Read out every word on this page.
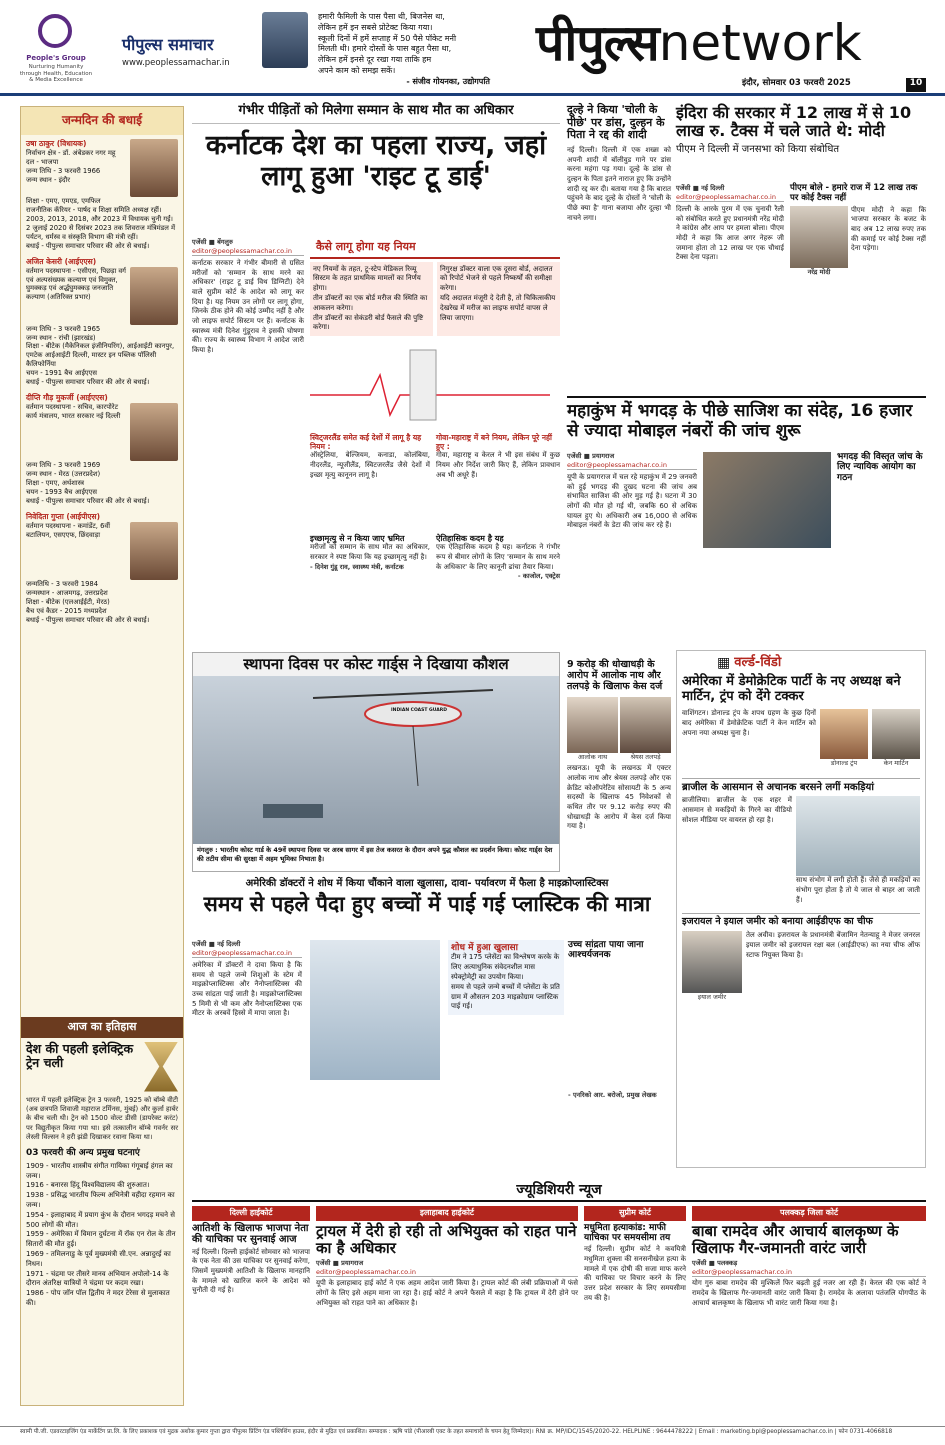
People's Group
Nurturing Humanity through Health, Education & Media Excellence
पीपुल्स समाचार
www.peoplessamachar.in
हमारी फैमिली के पास पैसा थी, बिजनेस था,
लेकिन हमें इन सबसे प्रोटेक्ट किया गया।
स्कूली दिनों में हमें सप्ताह में 50 पैसे पॉकेट मनी
मिलती थी। हमारे दोस्तों के पास बहुत पैसा था,
लेकिन हमें इनसे दूर रखा गया ताकि हम
अपने काम को समझ सकें।
- संजीव गोयनका, उद्योगपति
पीपुल्सnetwork
इंदौर, सोमवार 03 फरवरी 2025	10
जन्मदिन की बधाई
उषा ठाकुर (विधायक)
निर्वाचन क्षेत्र - डॉ. अंबेडकर नगर महू
दल - भाजपा
जन्म तिथि - 3 फरवरी 1966
जन्म स्थान - इंदौर
शिक्षा - एमए, एमएड, एमफिल
राजनीतिक कॅरियर - पार्षद व शिक्षा समिति अध्यक्ष रहीं। 2003, 2013, 2018, और 2023 में विधायक चुनी गईं। 2 जुलाई 2020 से दिसंबर 2023 तक शिवराज मंत्रिमंडल में पर्यटन, धर्मस्व व संस्कृति विभाग की मंत्री रहीं।
बधाई - पीपुल्स समाचार परिवार की ओर से बधाई।
अजित केसरी (आईएएस)
वर्तमान पदस्थापना - एसीएस, पिछड़ा वर्ग एवं अल्पसंख्यक कल्याण एवं विमुक्त, घुमक्कड़ एवं अर्द्धघुमक्कड़ जनजाति कल्याण (अतिरिक्त प्रभार)
जन्म तिथि - 3 फरवरी 1965
जन्म स्थान - रांची (झारखंड)
शिक्षा - बीटेक (मैकेनिकल इंजीनियरिंग), आईआईटी कानपुर, एमटेक आईआईटी दिल्ली, मास्टर इन पब्लिक पॉलिसी कैलिफोर्निया
चयन - 1991 बैच आईएएस
बधाई - पीपुल्स समाचार परिवार की ओर से बधाई।
दीप्ति गौड़ मुकर्जी (आईएएस)
वर्तमान पदस्थापना - सचिव, कारपोरेट कार्य मंत्रालय, भारत सरकार नई दिल्ली
जन्म तिथि - 3 फरवरी 1969
जन्म स्थान - मेरठ (उत्तरप्रदेश)
शिक्षा - एमए, अर्थशास्त्र
चयन - 1993 बैच आईएएस
बधाई - पीपुल्स समाचार परिवार की ओर से बधाई।
निवेदिता गुप्ता (आईपीएस)
वर्तमान पदस्थापना - कमांडेंट, 6वीं बटालियन, एसएएफ, छिंदवाड़ा
जन्मतिथि - 3 फरवरी 1984
जन्मस्थान - आजमगढ़, उत्तरप्रदेश
शिक्षा - बीटेक (एलआईईटी, मेरठ)
बैच एवं कैडर - 2015 मध्यप्रदेश
बधाई - पीपुल्स समाचार परिवार की ओर से बधाई।
आज का इतिहास
देश की पहली इलेक्ट्रिक ट्रेन चली
भारत में पहली इलेक्ट्रिक ट्रेन 3 फरवरी, 1925 को बॉम्बे वीटी (अब छत्रपति शिवाजी महाराज टर्मिनस, मुंबई) और कुर्ला हार्बर के बीच चली थी। ट्रेन को 1500 वोल्ट डीसी (डायरेक्ट करंट) पर विद्युतीकृत किया गया था। इसे तत्कालीन बॉम्बे गवर्नर सर लेस्ली विल्सन ने हरी झंडी दिखाकर रवाना किया था।
03 फरवरी की अन्य प्रमुख घटनाएं
1909 - भारतीय शास्त्रीय संगीत गायिका गंगूबाई हंगल का जन्म।
1916 - बनारस हिंदू विश्वविद्यालय की शुरुआत।
1938 - प्रसिद्ध भारतीय फिल्म अभिनेत्री वहीदा रहमान का जन्म।
1954 - इलाहाबाद में प्रयाग कुंभ के दौरान भगदड़ मचने से 500 लोगों की मौत।
1959 - अमेरिका में विमान दुर्घटना में रॉक एन रोल के तीन सितारों की मौत हुई।
1969 - तमिलनाडु के पूर्व मुख्यमंत्री सी.एन. अन्नादुरई का निधन।
1971 - चंद्रमा पर तीसरे मानव अभियान अपोलो-14 के दौरान अंतरिक्ष यात्रियों ने चंद्रमा पर कदम रखा।
1986 - पोप जॉन पॉल द्वितीय ने मदर टेरेसा से मुलाकात की।
गंभीर पीड़ितों को मिलेगा सम्मान के साथ मौत का अधिकार
कर्नाटक देश का पहला राज्य, जहां लागू हुआ 'राइट टू डाई'
एजेंसी ■ बेंगलुरु
editor@peoplessamachar.co.in
कर्नाटक सरकार ने गंभीर बीमारी से ग्रसित मरीजों को 'सम्मान के साथ मरने का अधिकार' (राइट टू डाई विथ डिग्निटी) देने वाले सुप्रीम कोर्ट के आदेश को लागू कर दिया है। यह नियम उन लोगों पर लागू होगा, जिनके ठीक होने की कोई उम्मीद नहीं है और जो लाइफ सपोर्ट सिस्टम पर हैं। कर्नाटक के स्वास्थ्य मंत्री दिनेश गुंडूराव ने इसकी घोषणा की। राज्य के स्वास्थ्य विभाग ने आदेश जारी किया है।
कैसे लागू होगा यह नियम
नए नियमों के तहत, टू-स्टेप मेडिकल रिव्यू सिस्टम के तहत प्राथमिक मामलों का निर्णय होगा।
तीन डॉक्टरों का एक बोर्ड मरीज की स्थिति का आकलन करेगा।
तीन डॉक्टरों का सेकंडरी बोर्ड फैसले की पुष्टि करेगा।
निगुरक्ष डॉक्टर वाला एक दूसरा बोर्ड, अदालत को रिपोर्ट भेजने से पहले निष्कर्षों की समीक्षा करेगा।
यदि अदालत मंजूरी दे देती है, तो चिकित्सकीय देखरेख में मरीज का लाइफ सपोर्ट वापस ले लिया जाएगा।
स्विट्जरलैंड समेत कई देशों में लागू है यह नियम :
ऑस्ट्रेलिया, बेल्जियम, कनाडा, कोलंबिया, नीदरलैंड, न्यूजीलैंड, स्विटजरलैंड जैसे देशों में इच्छा मृत्यु कानूनन लागू है।
गोवा-महाराष्ट्र में बने नियम, लेकिन पूरे नहीं हुए :
गोवा, महाराष्ट्र व केरल ने भी इस संबंध में कुछ नियम और निर्देश जारी किए हैं, लेकिन प्रावधान अब भी अधूरे हैं।
इच्छामृत्यु से न किया जाए भ्रमित
मरीजों को सम्मान के साथ मौत का अधिकार, सरकार ने स्पष्ट किया कि यह इच्छामृत्यु नहीं है।
- दिनेश गुंडू राव, स्वास्थ्य मंत्री, कर्नाटक
ऐतिहासिक कदम है यह
एक ऐतिहासिक कदम है यह। कर्नाटक ने गंभीर रूप से बीमार लोगों के लिए 'सम्मान के साथ मरने के अधिकार' के लिए कानूनी ढांचा तैयार किया।
- काजोल, एक्ट्रेस
स्थापना दिवस पर कोस्ट गार्ड्स ने दिखाया कौशल
INDIAN COAST GUARD
मंगलुरु : भारतीय कोस्ट गार्ड के 49वें स्थापना दिवस पर अरब सागर में इस तेज कसरत के दौरान अपने युद्ध कौशल का प्रदर्शन किया। कोस्ट गार्ड्स देश की तटीय सीमा की सुरक्षा में अहम भूमिका निभाता है।
अमेरिकी डॉक्टरों ने शोध में किया चौंकाने वाला खुलासा, दावा- पर्यावरण में फैला है माइक्रोप्लास्टिक्स
समय से पहले पैदा हुए बच्चों में पाई गई प्लास्टिक की मात्रा
एजेंसी ■ नई दिल्ली
editor@peoplessamachar.co.in
अमेरिका में डॉक्टरों ने दावा किया है कि समय से पहले जन्मे शिशुओं के स्टेम में माइक्रोप्लास्टिक्स और नैनोप्लास्टिक्स की उच्च सांद्रता पाई जाती है। माइक्रोप्लास्टिक्स 5 मिमी से भी कम और नैनोप्लास्टिक्स एक मीटर के अरबवें हिस्से में मापा जाता है।
शोध में हुआ खुलासा
टीम ने 175 प्लेसेंटा का विश्लेषण करके के लिए अत्याधुनिक संवेदनशील मास स्पेक्ट्रोमेट्री का उपयोग किया।
समय से पहले जन्मे बच्चों में प्लेसेंटा के प्रति ग्राम में औसतन 203 माइक्रोग्राम प्लास्टिक पाई गई।
उच्च सांद्रता पाया जाना आश्चर्यजनक
- एनरिको आर. बरोजो, प्रमुख लेखक
दूल्हे ने किया 'चोली के पीछे' पर डांस, दुल्हन के पिता ने रद्द की शादी
नई दिल्ली। दिल्ली में एक शख्स को अपनी शादी में बॉलीवुड गाने पर डांस करना महंगा पड़ गया। दूल्हे के डांस से दुल्हन के पिता इतने नाराज हुए कि उन्होंने शादी रद्द कर दी। बताया गया है कि बारात पहुंचने के बाद दूल्हे के दोस्तों ने 'चोली के पीछे क्या है' गाना बजाया और दूल्हा भी नाचने लगा।
इंदिरा की सरकार में 12 लाख में से 10 लाख रु. टैक्स में चले जाते थे: मोदी
पीएम ने दिल्ली में जनसभा को किया संबोधित
एजेंसी ■ नई दिल्ली
editor@peoplessamachar.co.in
दिल्ली के आरके पुरम में एक चुनावी रैली को संबोधित करते हुए प्रधानमंत्री नरेंद्र मोदी ने कांग्रेस और आप पर हमला बोला। पीएम मोदी ने कहा कि आज अगर नेहरू जी जमाना होता तो 12 लाख पर एक चौथाई टैक्स देना पड़ता।
पीएम बोले - हमारे राज में 12 लाख तक पर कोई टैक्स नहीं
नरेंद्र मोदी
पीएम मोदी ने कहा कि भाजपा सरकार के बजट के बाद अब 12 लाख रुपए तक की कमाई पर कोई टैक्स नहीं देना पड़ेगा।
महाकुंभ में भगदड़ के पीछे साजिश का संदेह, 16 हजार से ज्यादा मोबाइल नंबरों की जांच शुरू
एजेंसी ■ प्रयागराज
editor@peoplessamachar.co.in
यूपी के प्रयागराज में चल रहे महाकुंभ में 29 जनवरी को हुई भगदड़ की दुखद घटना की जांच अब संभावित साजिश की ओर मुड़ गई है। घटना में 30 लोगों की मौत हो गई थी, जबकि 60 से अधिक घायल हुए थे। अधिकारी अब 16,000 से अधिक मोबाइल नंबरों के डेटा की जांच कर रहे हैं।
भगदड़ की विस्तृत जांच के लिए न्यायिक आयोग का गठन
9 करोड़ की धोखाधड़ी के आरोप में आलोक नाथ और तलपड़े के खिलाफ केस दर्ज
आलोक नाथ	श्रेयस तलपड़े
लखनऊ। यूपी के लखनऊ में एक्टर आलोक नाथ और श्रेयस तलपड़े और एक क्रेडिट कोऑपरेटिव सोसायटी के 5 अन्य सदस्यों के खिलाफ 45 निवेशकों से कथित तौर पर 9.12 करोड़ रुपए की धोखाधड़ी के आरोप में केस दर्ज किया गया है।
▦ वर्ल्ड-विंडो
अमेरिका में डेमोक्रेटिक पार्टी के नए अध्यक्ष बने मार्टिन, ट्रंप को देंगे टक्कर
वाशिंगटन। डोनाल्ड ट्रंप के शपथ ग्रहण के कुछ दिनों बाद अमेरिका में डेमोक्रेटिक पार्टी ने केन मार्टिन को अपना नया अध्यक्ष चुना है।
डोनाल्ड ट्रंप	केन मार्टिन
ब्राजील के आसमान से अचानक बरसने लगीं मकड़ियां
ब्राजीलिया। ब्राजील के एक शहर में आसमान से मकड़ियों के गिरने का वीडियो सोशल मीडिया पर वायरल हो रहा है।
साथ संभोग में लगी होती हैं। जैसे ही मकड़ियों का संभोग पूरा होता है तो ये जाल से बाहर आ जाती हैं।
इजरायल ने इयाल जमीर को बनाया आईडीएफ का चीफ
इयाल जमीर
तेल अवीव। इजरायल के प्रधानमंत्री बेंजामिन नेतन्याहू ने मेजर जनरल इयाल जमीर को इजरायल रक्षा बल (आईडीएफ) का नया चीफ ऑफ स्टाफ नियुक्त किया है।
ज्यूडिशियरी न्यूज
दिल्ली हाईकोर्ट
आतिशी के खिलाफ भाजपा नेता की याचिका पर सुनवाई आज
नई दिल्ली। दिल्ली हाईकोर्ट सोमवार को भाजपा के एक नेता की उस याचिका पर सुनवाई करेगा, जिसमें मुख्यमंत्री आतिशी के खिलाफ मानहानि के मामले को खारिज करने के आदेश को चुनौती दी गई है।
इलाहाबाद हाईकोर्ट
ट्रायल में देरी हो रही तो अभियुक्त को राहत पाने का है अधिकार
एजेंसी ■ प्रयागराज
editor@peoplessamachar.co.in
यूपी के इलाहाबाद हाई कोर्ट ने एक अहम आदेश जारी किया है। ट्रायल कोर्ट की लंबी प्रक्रियाओं में फंसे लोगों के लिए इसे अहम माना जा रहा है। हाई कोर्ट ने अपने फैसले में कहा है कि ट्रायल में देरी होने पर अभियुक्त को राहत पाने का अधिकार है।
सुप्रीम कोर्ट
मधुमिता हत्याकांड: माफी याचिका पर समयसीमा तय
नई दिल्ली। सुप्रीम कोर्ट ने कवयित्री मधुमिता शुक्ला की सनसनीखेज हत्या के मामले में एक दोषी की सजा माफ करने की याचिका पर विचार करने के लिए उत्तर प्रदेश सरकार के लिए समयसीमा तय की है।
पलक्कड़ जिला कोर्ट
बाबा रामदेव और आचार्य बालकृष्ण के खिलाफ गैर-जमानती वारंट जारी
एजेंसी ■ पलक्कड़
editor@peoplessamachar.co.in
योग गुरु बाबा रामदेव की मुश्किलें फिर बढ़ती हुई नजर आ रही हैं। केरल की एक कोर्ट ने रामदेव के खिलाफ गैर-जमानती वारंट जारी किया है। रामदेव के अलावा पतंजलि योगपीठ के आचार्य बालकृष्ण के खिलाफ भी वारंट जारी किया गया है।
स्वामी पी.जी. एडवरटाइजिंग एंड मार्केटिंग प्रा.लि. के लिए प्रकाशक एवं मुद्रक अशोक कुमार गुप्ता द्वारा पीपुल्स प्रिंटिंग एंड पब्लिशिंग हाउस, इंदौर से मुद्रित एवं प्रकाशित। सम्पादक : ऋषि पांडे (पीआरबी एक्ट के तहत समाचारों के चयन हेतु जिम्मेदार)। RNI क्र. MP/IDC/1545/2020-22. HELPLINE : 9644478222 | Email : marketing.bpl@peoplessamachar.co.in | फोन 0731-4066818
